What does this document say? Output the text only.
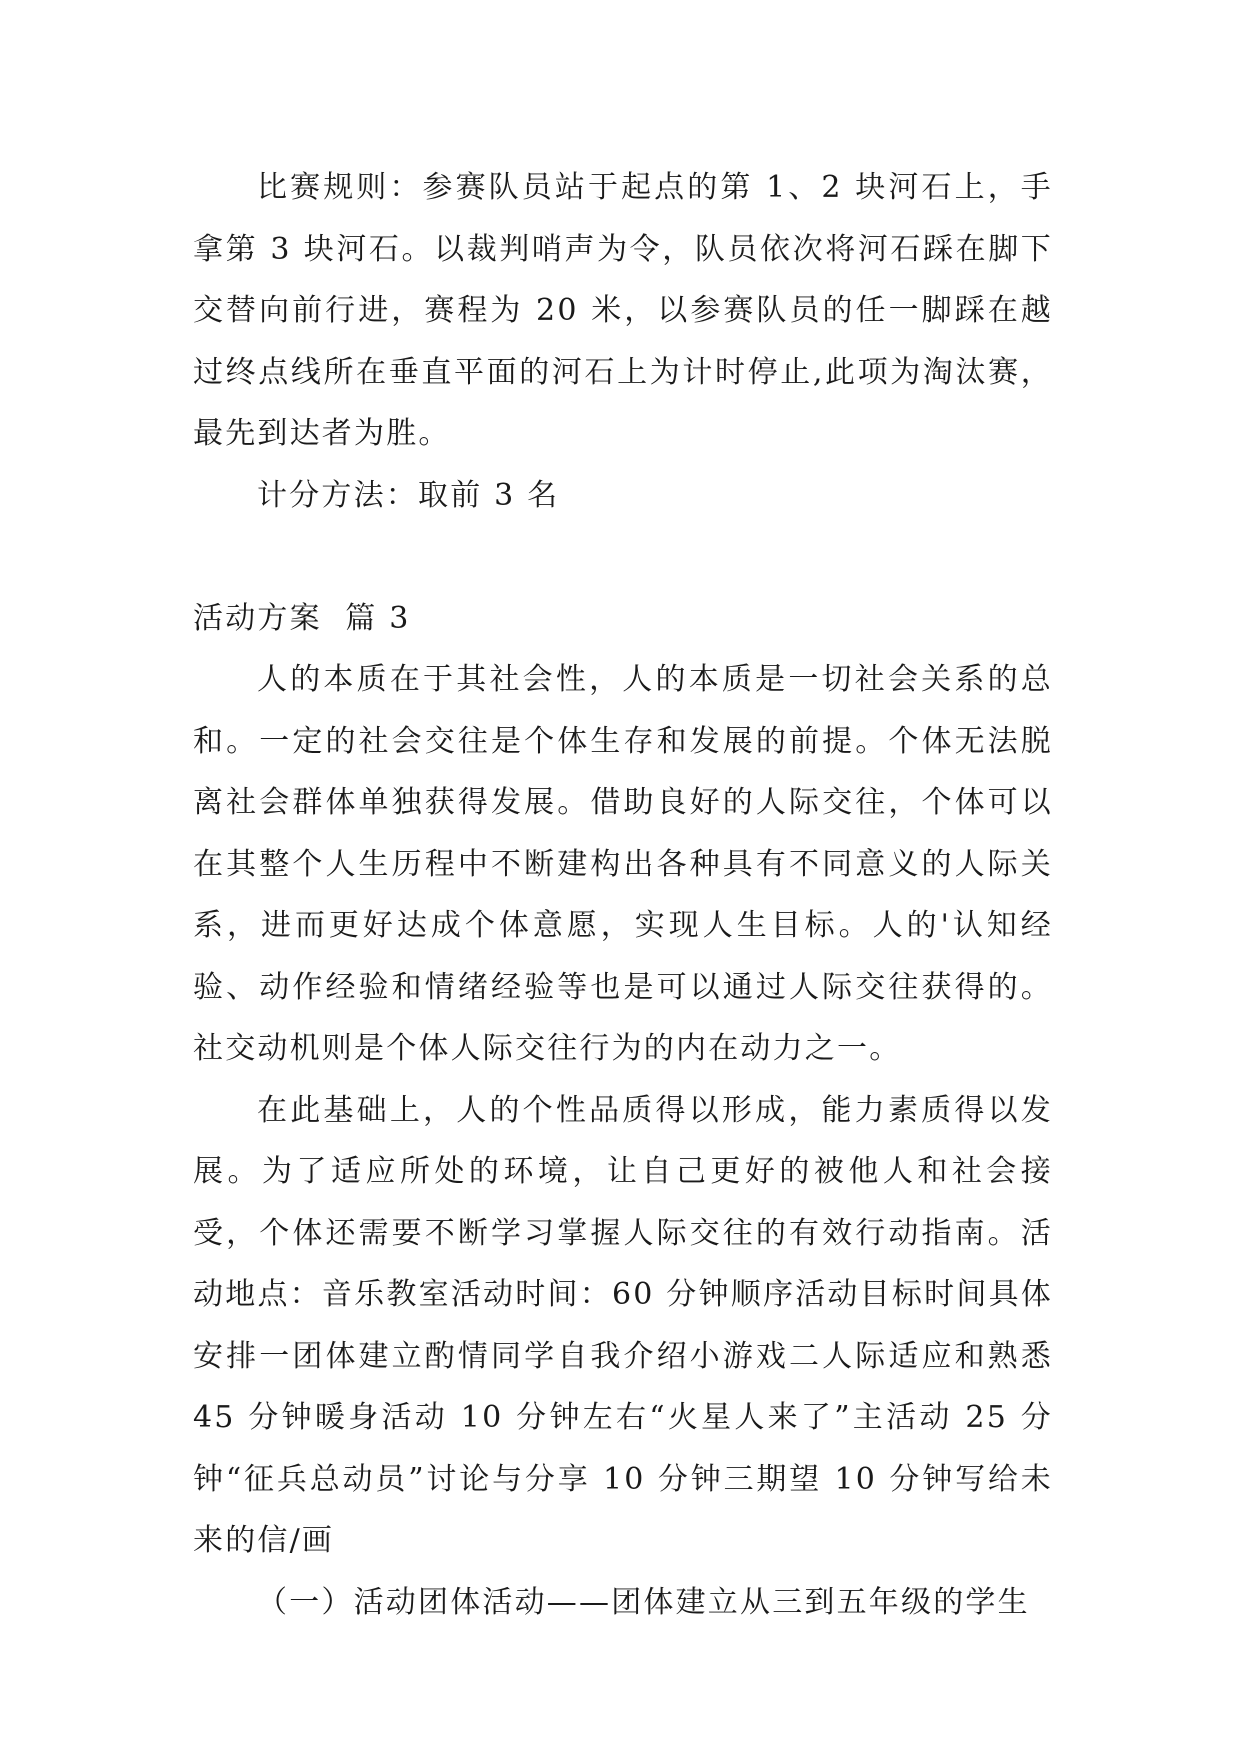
比赛规则：参赛队员站于起点的第 1、2 块河石上，手拿第 3 块河石。以裁判哨声为令，队员依次将河石踩在脚下交替向前行进，赛程为 20 米，以参赛队员的任一脚踩在越过终点线所在垂直平面的河石上为计时停止,此项为淘汰赛，最先到达者为胜。

计分方法：取前 3 名

活动方案  篇 3

人的本质在于其社会性，人的本质是一切社会关系的总和。一定的社会交往是个体生存和发展的前提。个体无法脱离社会群体单独获得发展。借助良好的人际交往，个体可以在其整个人生历程中不断建构出各种具有不同意义的人际关系，进而更好达成个体意愿，实现人生目标。人的'认知经验、动作经验和情绪经验等也是可以通过人际交往获得的。社交动机则是个体人际交往行为的内在动力之一。

在此基础上，人的个性品质得以形成，能力素质得以发展。为了适应所处的环境，让自己更好的被他人和社会接受，个体还需要不断学习掌握人际交往的有效行动指南。活动地点：音乐教室活动时间：60 分钟顺序活动目标时间具体安排一团体建立酌情同学自我介绍小游戏二人际适应和熟悉 45 分钟暖身活动 10 分钟左右“火星人来了”主活动 25 分钟“征兵总动员”讨论与分享 10 分钟三期望 10 分钟写给未来的信/画

（一）活动团体活动——团体建立从三到五年级的学生
